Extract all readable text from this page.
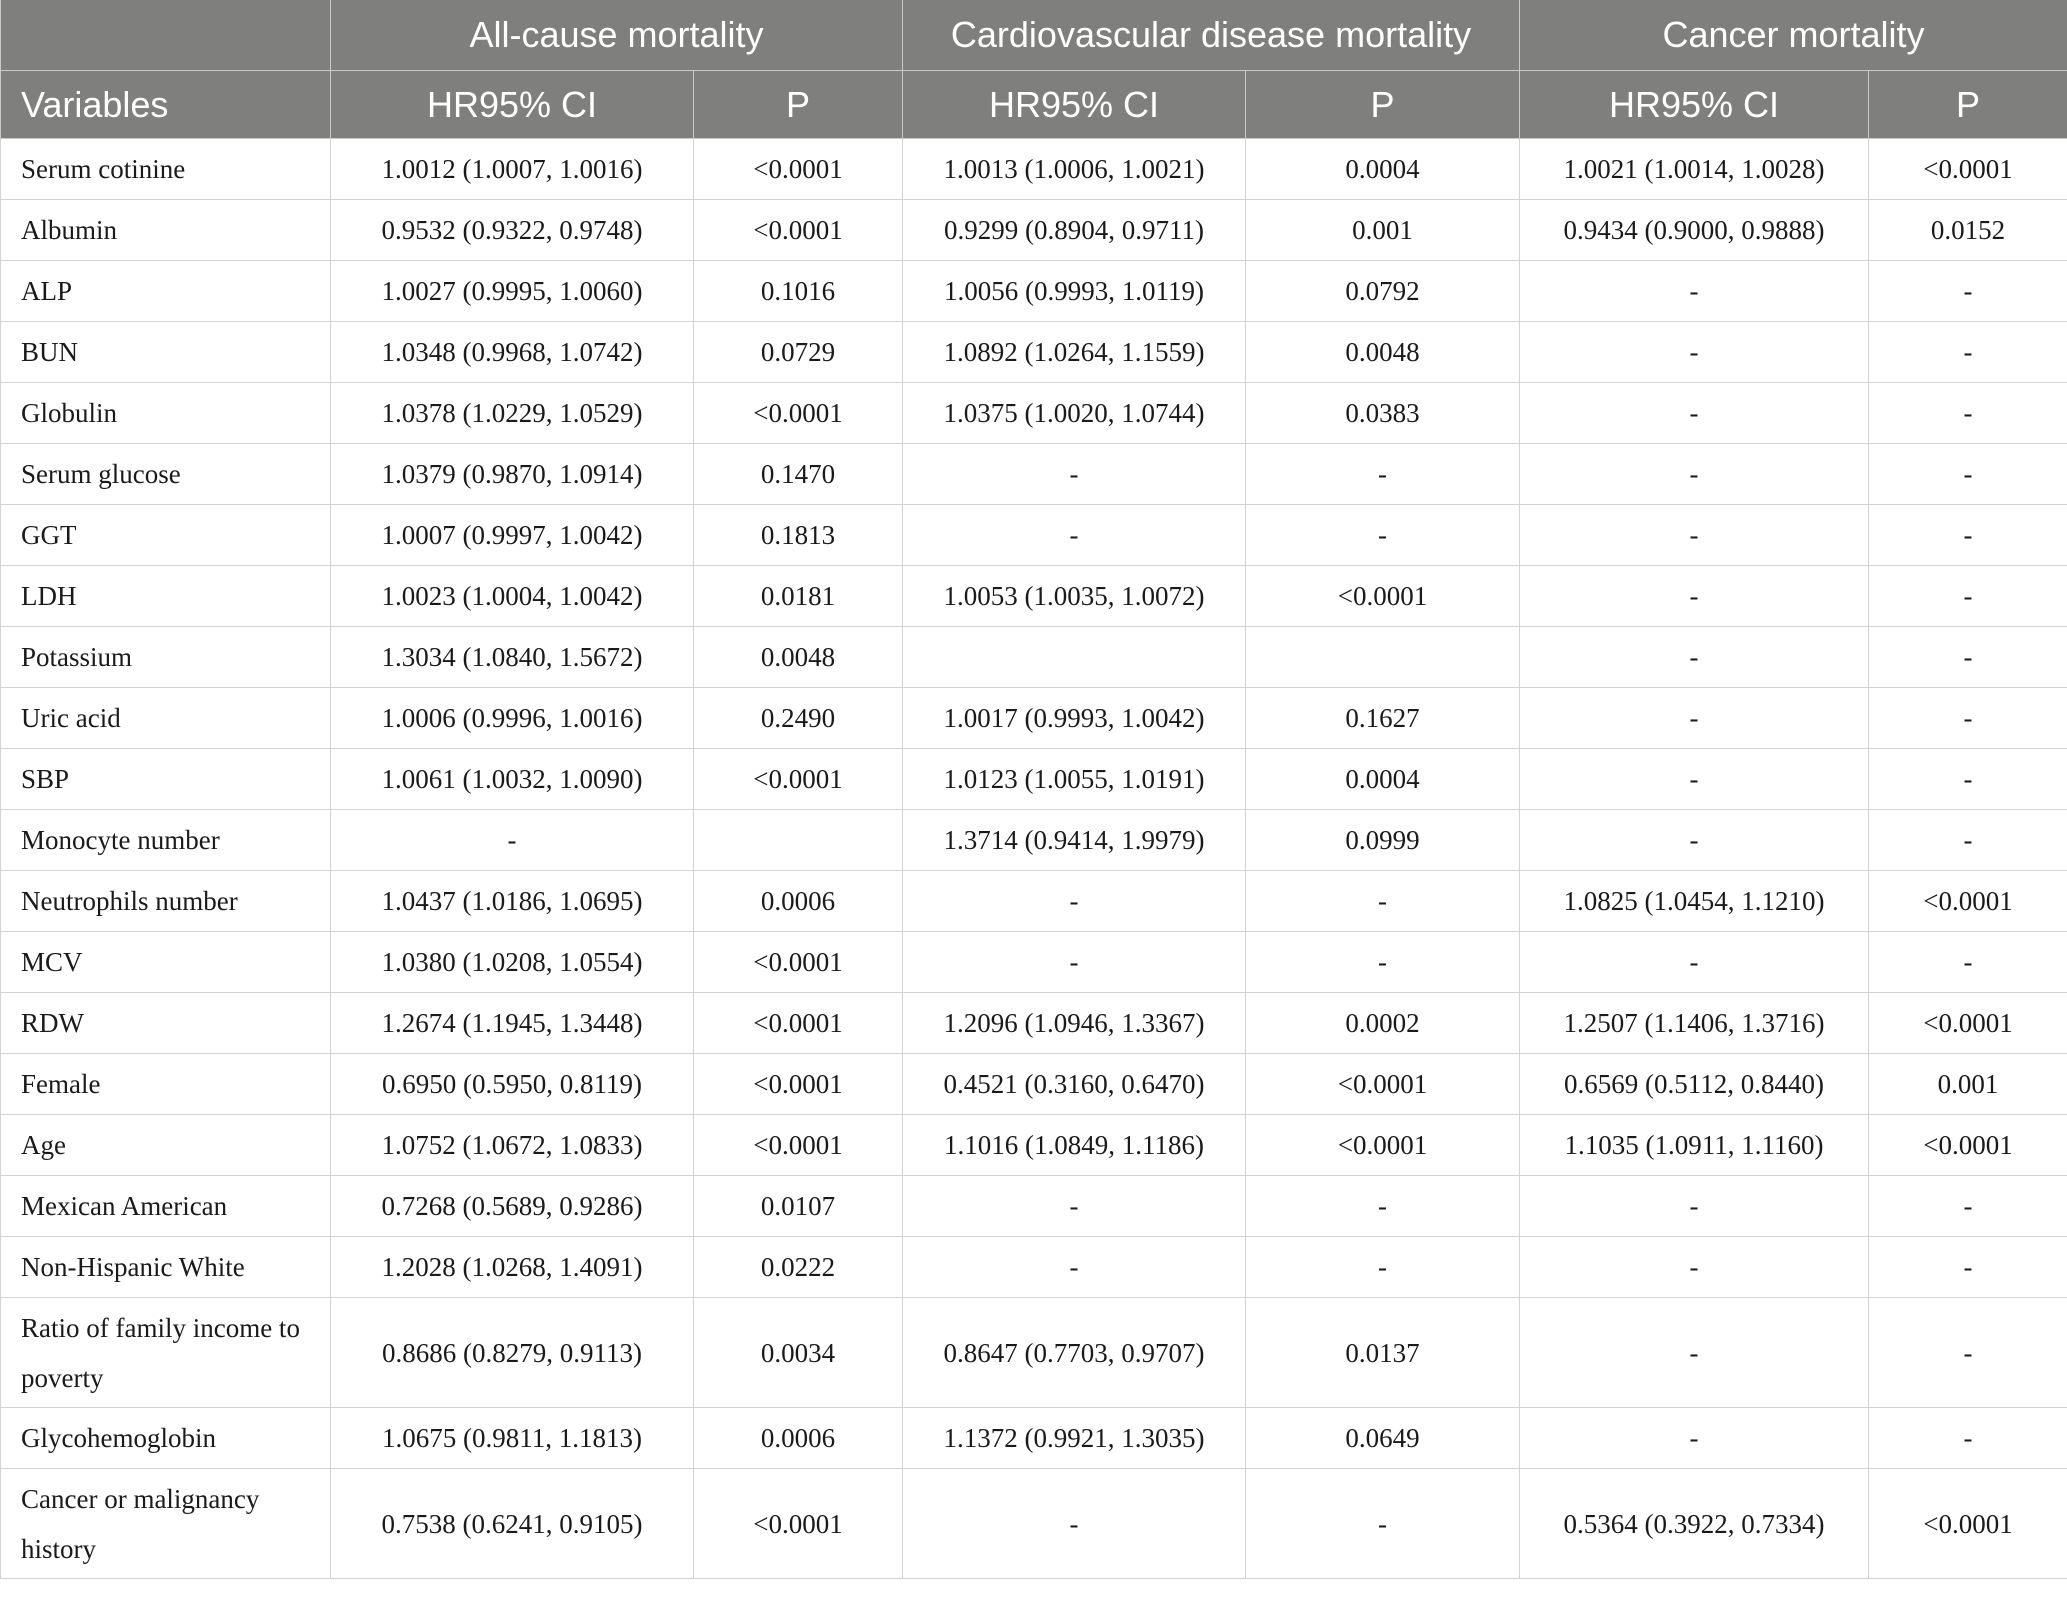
	All-cause mortality		Cardiovascular disease mortality		Cancer mortality	
Variables	HR95% CI	P	HR95% CI	P	HR95% CI	P
Serum cotinine	1.0012 (1.0007, 1.0016)	<0.0001	1.0013 (1.0006, 1.0021)	0.0004	1.0021 (1.0014, 1.0028)	<0.0001
Albumin	0.9532 (0.9322, 0.9748)	<0.0001	0.9299 (0.8904, 0.9711)	0.001	0.9434 (0.9000, 0.9888)	0.0152
ALP	1.0027 (0.9995, 1.0060)	0.1016	1.0056 (0.9993, 1.0119)	0.0792	-	-
BUN	1.0348 (0.9968, 1.0742)	0.0729	1.0892 (1.0264, 1.1559)	0.0048	-	-
Globulin	1.0378 (1.0229, 1.0529)	<0.0001	1.0375 (1.0020, 1.0744)	0.0383	-	-
Serum glucose	1.0379 (0.9870, 1.0914)	0.1470	-	-	-	-
GGT	1.0007 (0.9997, 1.0042)	0.1813	-	-	-	-
LDH	1.0023 (1.0004, 1.0042)	0.0181	1.0053 (1.0035, 1.0072)	<0.0001	-	-
Potassium	1.3034 (1.0840, 1.5672)	0.0048			-	-
Uric acid	1.0006 (0.9996, 1.0016)	0.2490	1.0017 (0.9993, 1.0042)	0.1627	-	-
SBP	1.0061 (1.0032, 1.0090)	<0.0001	1.0123 (1.0055, 1.0191)	0.0004	-	-
Monocyte number	-		1.3714 (0.9414, 1.9979)	0.0999	-	-
Neutrophils number	1.0437 (1.0186, 1.0695)	0.0006	-	-	1.0825 (1.0454, 1.1210)	<0.0001
MCV	1.0380 (1.0208, 1.0554)	<0.0001	-	-	-	-
RDW	1.2674 (1.1945, 1.3448)	<0.0001	1.2096 (1.0946, 1.3367)	0.0002	1.2507 (1.1406, 1.3716)	<0.0001
Female	0.6950 (0.5950, 0.8119)	<0.0001	0.4521 (0.3160, 0.6470)	<0.0001	0.6569 (0.5112, 0.8440)	0.001
Age	1.0752 (1.0672, 1.0833)	<0.0001	1.1016 (1.0849, 1.1186)	<0.0001	1.1035 (1.0911, 1.1160)	<0.0001
Mexican American	0.7268 (0.5689, 0.9286)	0.0107	-	-	-	-
Non-Hispanic White	1.2028 (1.0268, 1.4091)	0.0222	-	-	-	-
Ratio of family income to poverty	0.8686 (0.8279, 0.9113)	0.0034	0.8647 (0.7703, 0.9707)	0.0137	-	-
Glycohemoglobin	1.0675 (0.9811, 1.1813)	0.0006	1.1372 (0.9921, 1.3035)	0.0649	-	-
Cancer or malignancy history	0.7538 (0.6241, 0.9105)	<0.0001	-	-	0.5364 (0.3922, 0.7334)	<0.0001
